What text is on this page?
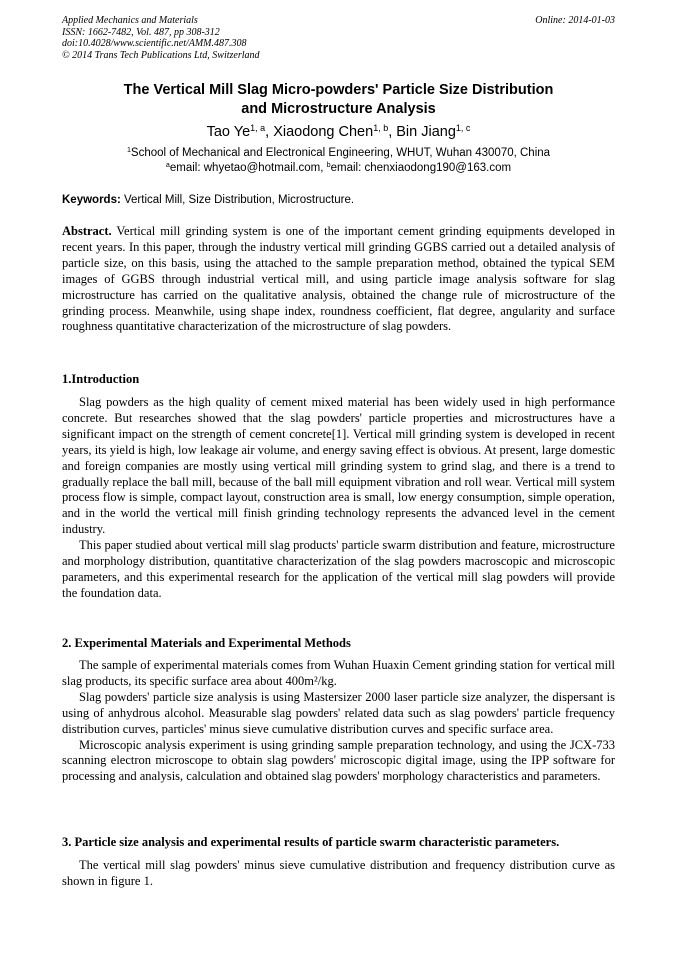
Applied Mechanics and Materials
ISSN: 1662-7482, Vol. 487, pp 308-312
doi:10.4028/www.scientific.net/AMM.487.308
© 2014 Trans Tech Publications Ltd, Switzerland
Online: 2014-01-03
The Vertical Mill Slag Micro-powders' Particle Size Distribution
and Microstructure Analysis
Tao Ye$^{1, a}$, Xiaodong Chen$^{1, b}$, Bin Jiang$^{1, c}$
$^1$School of Mechanical and Electronical Engineering, WHUT, Wuhan 430070, China
$^a$email: whyetao@hotmail.com, $^b$email: chenxiaodong190@163.com
Keywords: Vertical Mill, Size Distribution, Microstructure.

Abstract. Vertical mill grinding system is one of the important cement grinding equipments developed in recent years. In this paper, through the industry vertical mill grinding GGBS carried out a detailed analysis of particle size, on this basis, using the attached to the sample preparation method, obtained the typical SEM images of GGBS through industrial vertical mill, and using particle image analysis software for slag microstructure has carried on the qualitative analysis, obtained the change rule of microstructure of the grinding process. Meanwhile, using shape index, roundness coefficient, flat degree, angularity and surface roughness quantitative characterization of the microstructure of slag powders.

1.Introduction

Slag powders as the high quality of cement mixed material has been widely used in high performance concrete. But researches showed that the slag powders' particle properties and microstructures have a significant impact on the strength of cement concrete[1]. Vertical mill grinding system is developed in recent years, its yield is high, low leakage air volume, and energy saving effect is obvious. At present, large domestic and foreign companies are mostly using vertical mill grinding system to grind slag, and there is a trend to gradually replace the ball mill, because of the ball mill equipment vibration and roll wear. Vertical mill system process flow is simple, compact layout, construction area is small, low energy consumption, simple operation, and in the world the vertical mill finish grinding technology represents the advanced level in the cement industry.

This paper studied about vertical mill slag products' particle swarm distribution and feature, microstructure and morphology distribution, quantitative characterization of the slag powders macroscopic and microscopic parameters, and this experimental research for the application of the vertical mill slag powders will provide the foundation data.

2. Experimental Materials and Experimental Methods

The sample of experimental materials comes from Wuhan Huaxin Cement grinding station for vertical mill slag products, its specific surface area about 400m²/kg.

Slag powders' particle size analysis is using Mastersizer 2000 laser particle size analyzer, the dispersant is using of anhydrous alcohol. Measurable slag powders' related data such as slag powders' particle frequency distribution curves, particles' minus sieve cumulative distribution curves and specific surface area.

Microscopic analysis experiment is using grinding sample preparation technology, and using the JCX-733 scanning electron microscope to obtain slag powders' microscopic digital image, using the IPP software for processing and analysis, calculation and obtained slag powders' morphology characteristics and parameters.

3. Particle size analysis and experimental results of particle swarm characteristic parameters.

The vertical mill slag powders' minus sieve cumulative distribution and frequency distribution curve as shown in figure 1.
